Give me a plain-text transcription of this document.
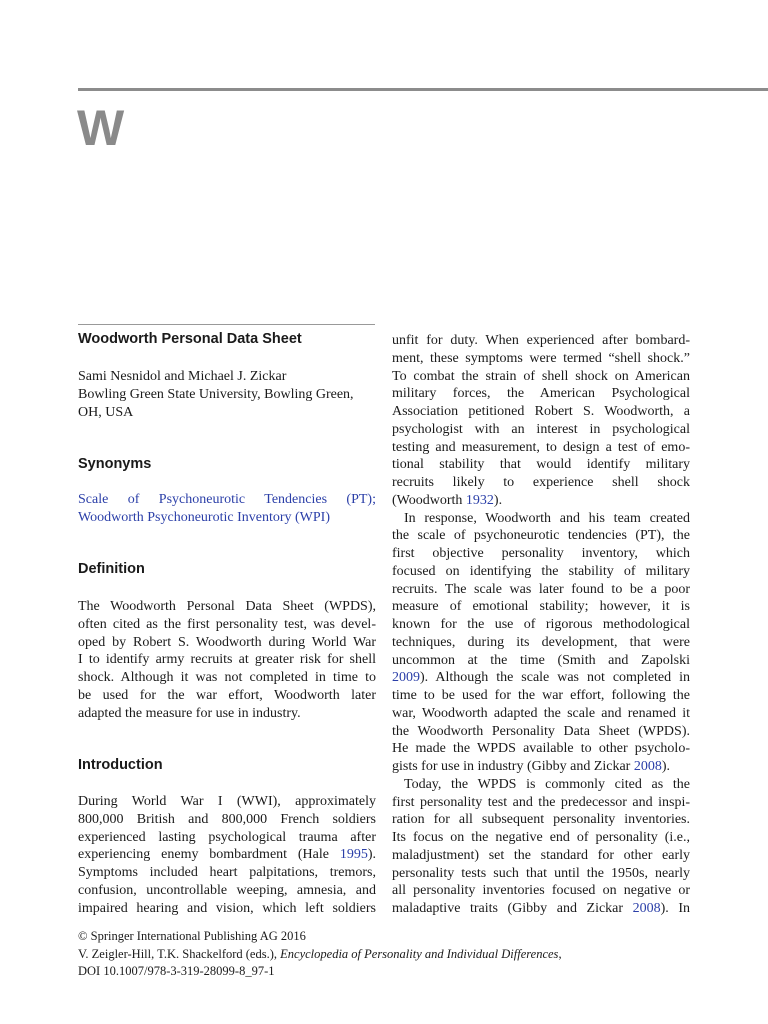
W
Woodworth Personal Data Sheet
Sami Nesnidol and Michael J. Zickar
Bowling Green State University, Bowling Green,
OH, USA
Synonyms
Scale of Psychoneurotic Tendencies (PT);
Woodworth Psychoneurotic Inventory (WPI)
Definition
The Woodworth Personal Data Sheet (WPDS),
often cited as the first personality test, was devel-
oped by Robert S. Woodworth during World War
I to identify army recruits at greater risk for shell
shock. Although it was not completed in time to
be used for the war effort, Woodworth later
adapted the measure for use in industry.
Introduction
During World War I (WWI), approximately
800,000 British and 800,000 French soldiers
experienced lasting psychological trauma after
experiencing enemy bombardment (Hale 1995).
Symptoms included heart palpitations, tremors,
confusion, uncontrollable weeping, amnesia, and
impaired hearing and vision, which left soldiers
unfit for duty. When experienced after bombard-
ment, these symptoms were termed “shell shock.”
To combat the strain of shell shock on American
military forces, the American Psychological
Association petitioned Robert S. Woodworth, a
psychologist with an interest in psychological
testing and measurement, to design a test of emo-
tional stability that would identify military
recruits likely to experience shell shock
(Woodworth 1932).
In response, Woodworth and his team created
the scale of psychoneurotic tendencies (PT), the
first objective personality inventory, which
focused on identifying the stability of military
recruits. The scale was later found to be a poor
measure of emotional stability; however, it is
known for the use of rigorous methodological
techniques, during its development, that were
uncommon at the time (Smith and Zapolski
2009). Although the scale was not completed in
time to be used for the war effort, following the
war, Woodworth adapted the scale and renamed it
the Woodworth Personality Data Sheet (WPDS).
He made the WPDS available to other psycholo-
gists for use in industry (Gibby and Zickar 2008).
Today, the WPDS is commonly cited as the
first personality test and the predecessor and inspi-
ration for all subsequent personality inventories.
Its focus on the negative end of personality (i.e.,
maladjustment) set the standard for other early
personality tests such that until the 1950s, nearly
all personality inventories focused on negative or
maladaptive traits (Gibby and Zickar 2008). In
© Springer International Publishing AG 2016
V. Zeigler-Hill, T.K. Shackelford (eds.), Encyclopedia of Personality and Individual Differences,
DOI 10.1007/978-3-319-28099-8_97-1
